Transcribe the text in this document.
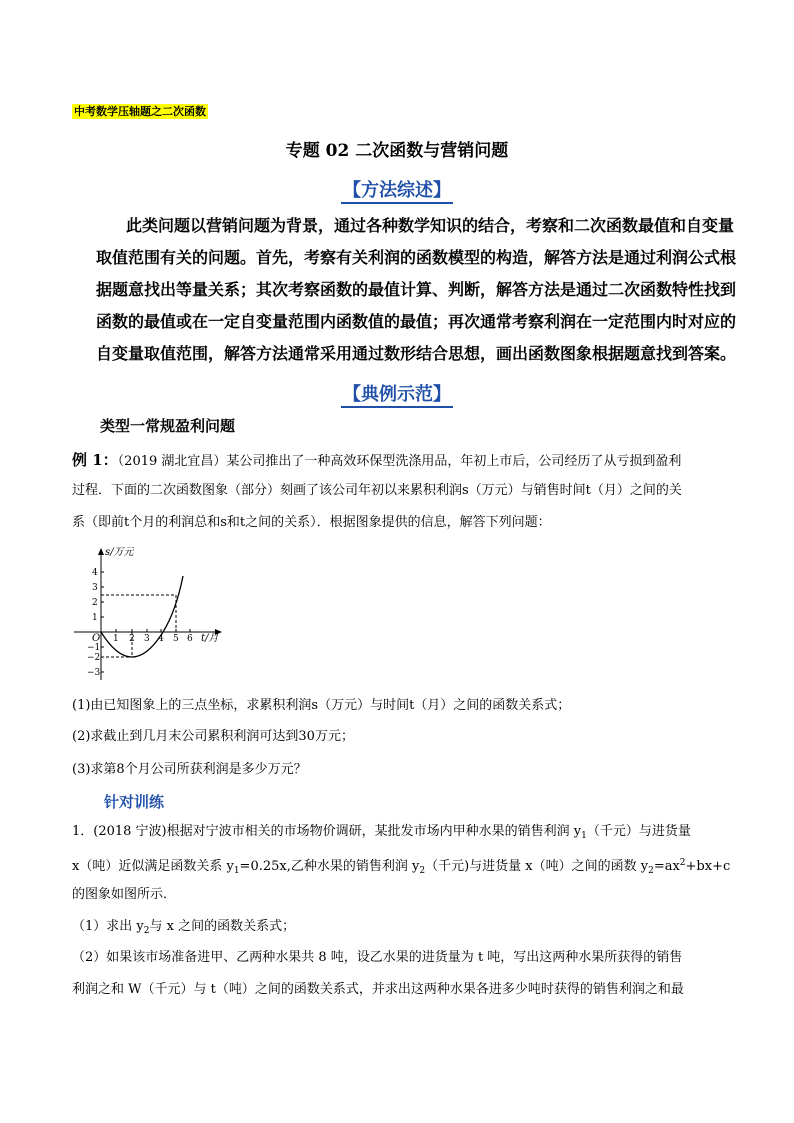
中考数学压轴题之二次函数
专题 02 二次函数与营销问题
【方法综述】
此类问题以营销问题为背景，通过各种数学知识的结合，考察和二次函数最值和自变量取值范围有关的问题。首先，考察有关利润的函数模型的构造，解答方法是通过利润公式根据题意找出等量关系；其次考察函数的最值计算、判断，解答方法是通过二次函数特性找到函数的最值或在一定自变量范围内函数值的最值；再次通常考察利润在一定范围内时对应的自变量取值范围，解答方法通常采用通过数形结合思想，画出函数图象根据题意找到答案。
【典例示范】
类型一常规盈利问题
例 1：（2019 湖北宜昌）某公司推出了一种高效环保型洗涤用品，年初上市后，公司经历了从亏损到盈利
过程．下面的二次函数图象（部分）刻画了该公司年初以来累积利润s（万元）与销售时间t（月）之间的关
系（即前t个月的利润总和s和t之间的关系）．根据图象提供的信息，解答下列问题：
s/万元
t/月
O
4
3
2
1
−1
−2
−3
1 2 3 4 5 6
(1)由已知图象上的三点坐标，求累积利润s（万元）与时间t（月）之间的函数关系式；
(2)求截止到几月末公司累积利润可达到30万元；
(3)求第8个月公司所获利润是多少万元？
针对训练
1．(2018 宁波)根据对宁波市相关的市场物价调研，某批发市场内甲种水果的销售利润 $y_1$（千元）与进货量
x（吨）近似满足函数关系 $y_1=0.25x$,乙种水果的销售利润 $y_2$（千元)与进货量 x（吨）之间的函数 $y_2=ax^2+bx+c$
的图象如图所示．
（1）求出 $y_2$与 x 之间的函数关系式；
（2）如果该市场准备进甲、乙两种水果共 8 吨，设乙水果的进货量为 t 吨，写出这两种水果所获得的销售
利润之和 W（千元）与 t（吨）之间的函数关系式，并求出这两种水果各进多少吨时获得的销售利润之和最
